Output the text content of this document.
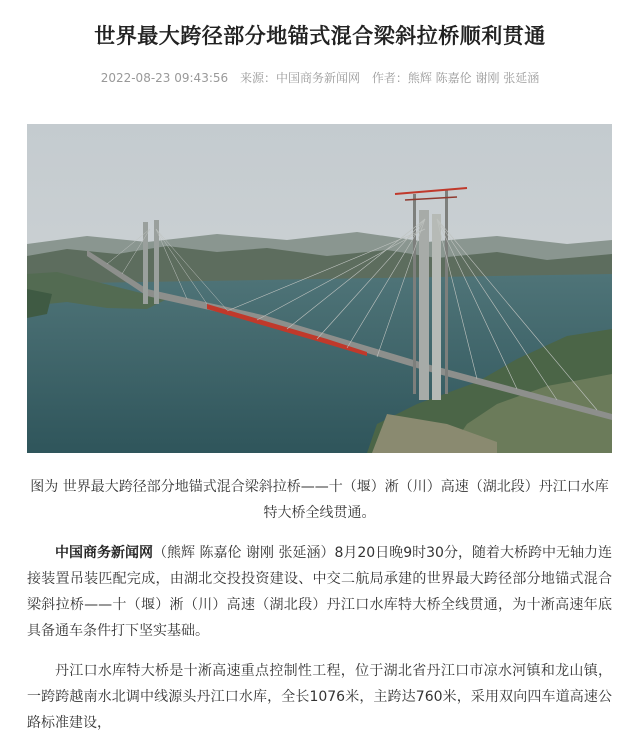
世界最大跨径部分地锚式混合梁斜拉桥顺利贯通
2022-08-23 09:43:56 来源：中国商务新闻网 作者：熊辉 陈嘉伦 谢刚 张延涵
图为 世界最大跨径部分地锚式混合梁斜拉桥——十（堰）淅（川）高速（湖北段）丹江口水库特大桥全线贯通。

中国商务新闻网（熊辉 陈嘉伦 谢刚 张延涵）8月20日晚9时30分，随着大桥跨中无轴力连接装置吊装匹配完成，由湖北交投投资建设、中交二航局承建的世界最大跨径部分地锚式混合梁斜拉桥——十（堰）淅（川）高速（湖北段）丹江口水库特大桥全线贯通，为十淅高速年底具备通车条件打下坚实基础。

丹江口水库特大桥是十淅高速重点控制性工程，位于湖北省丹江口市凉水河镇和龙山镇，一跨跨越南水北调中线源头丹江口水库，全长1076米，主跨达760米，采用双向四车道高速公路标准建设，
